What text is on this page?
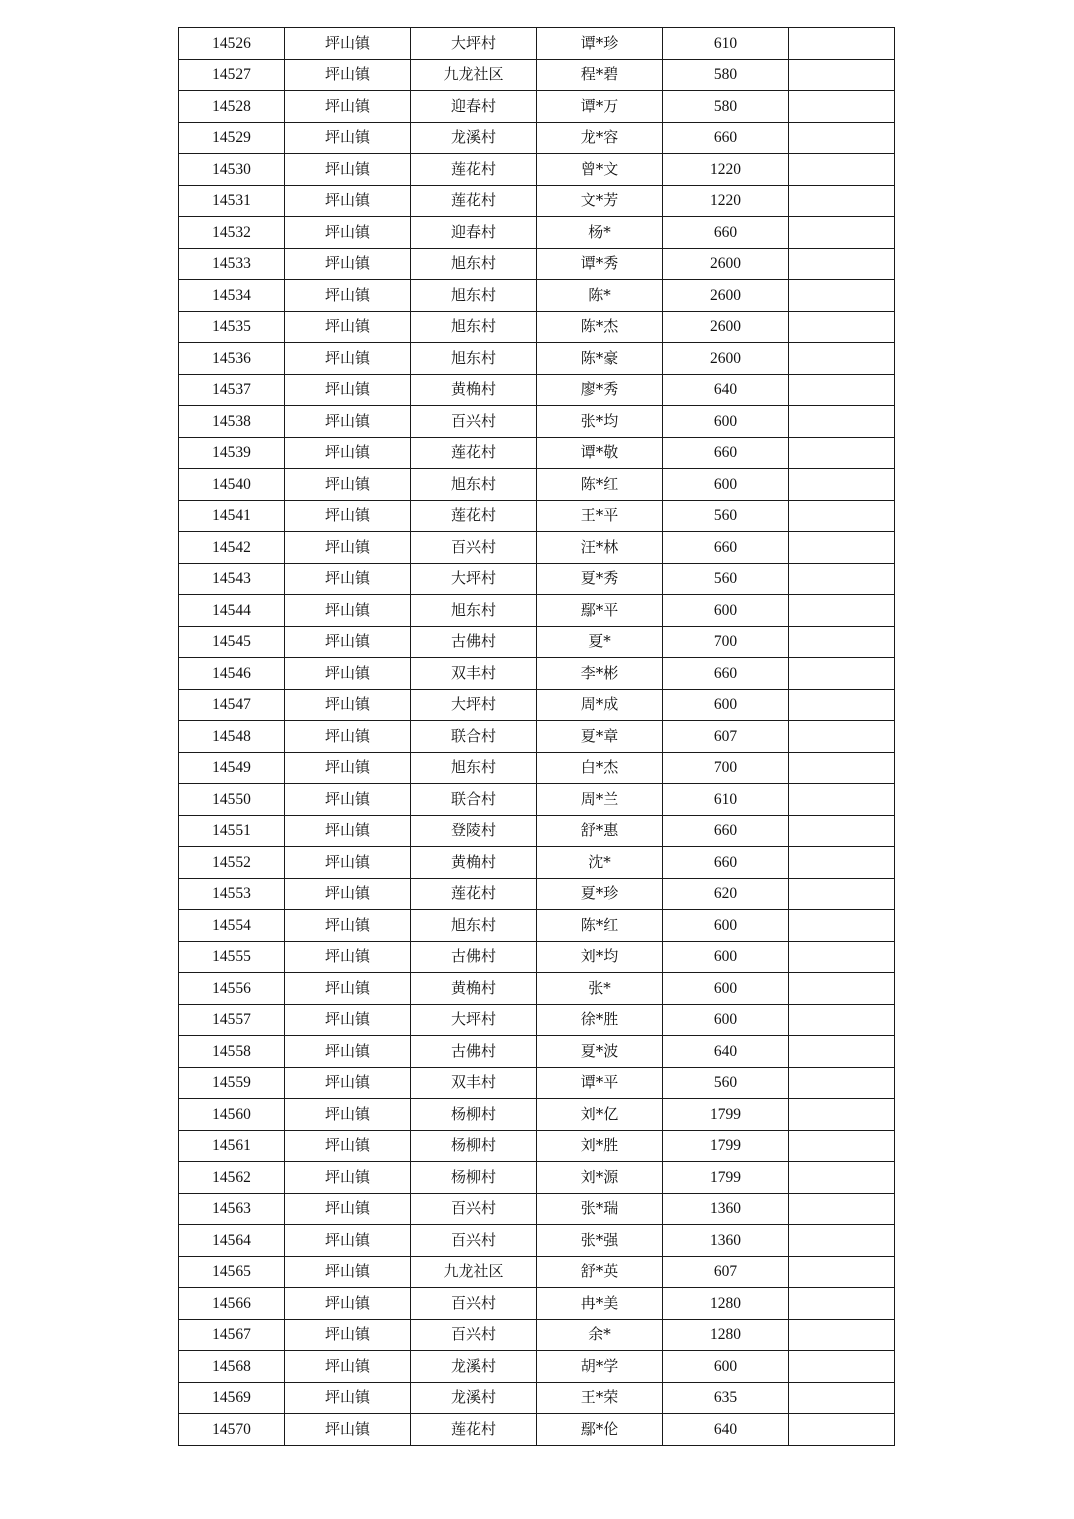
14526	坪山镇	大坪村	谭*珍	610	
14527	坪山镇	九龙社区	程*碧	580	
14528	坪山镇	迎春村	谭*万	580	
14529	坪山镇	龙溪村	龙*容	660	
14530	坪山镇	莲花村	曾*文	1220	
14531	坪山镇	莲花村	文*芳	1220	
14532	坪山镇	迎春村	杨*	660	
14533	坪山镇	旭东村	谭*秀	2600	
14534	坪山镇	旭东村	陈*	2600	
14535	坪山镇	旭东村	陈*杰	2600	
14536	坪山镇	旭东村	陈*豪	2600	
14537	坪山镇	黄桷村	廖*秀	640	
14538	坪山镇	百兴村	张*均	600	
14539	坪山镇	莲花村	谭*敬	660	
14540	坪山镇	旭东村	陈*红	600	
14541	坪山镇	莲花村	王*平	560	
14542	坪山镇	百兴村	汪*林	660	
14543	坪山镇	大坪村	夏*秀	560	
14544	坪山镇	旭东村	鄢*平	600	
14545	坪山镇	古佛村	夏*	700	
14546	坪山镇	双丰村	李*彬	660	
14547	坪山镇	大坪村	周*成	600	
14548	坪山镇	联合村	夏*章	607	
14549	坪山镇	旭东村	白*杰	700	
14550	坪山镇	联合村	周*兰	610	
14551	坪山镇	登陵村	舒*惠	660	
14552	坪山镇	黄桷村	沈*	660	
14553	坪山镇	莲花村	夏*珍	620	
14554	坪山镇	旭东村	陈*红	600	
14555	坪山镇	古佛村	刘*均	600	
14556	坪山镇	黄桷村	张*	600	
14557	坪山镇	大坪村	徐*胜	600	
14558	坪山镇	古佛村	夏*波	640	
14559	坪山镇	双丰村	谭*平	560	
14560	坪山镇	杨柳村	刘*亿	1799	
14561	坪山镇	杨柳村	刘*胜	1799	
14562	坪山镇	杨柳村	刘*源	1799	
14563	坪山镇	百兴村	张*瑞	1360	
14564	坪山镇	百兴村	张*强	1360	
14565	坪山镇	九龙社区	舒*英	607	
14566	坪山镇	百兴村	冉*美	1280	
14567	坪山镇	百兴村	余*	1280	
14568	坪山镇	龙溪村	胡*学	600	
14569	坪山镇	龙溪村	王*荣	635	
14570	坪山镇	莲花村	鄢*伦	640	
